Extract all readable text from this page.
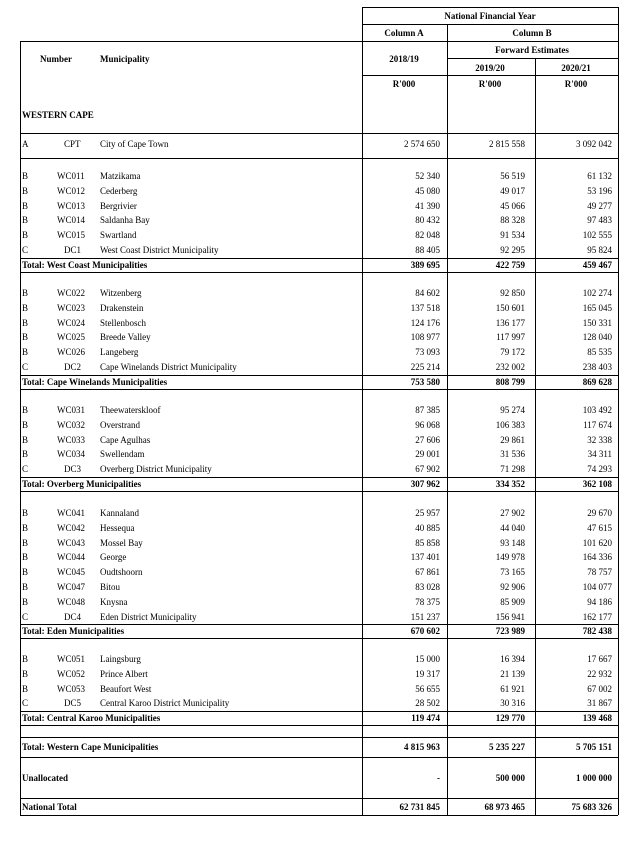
National Financial Year
Column A	Column B
Forward Estimates
Number	Municipality	2018/19
2019/20	2020/21
R'000	R'000	R'000
WESTERN CAPE
A	CPT City of Cape Town	2 574 650	2 815 558	3 092 042
B	WC011 Matzikama	52 340	56 519	61 132
B	WC012 Cederberg	45 080	49 017	53 196
B	WC013 Bergrivier	41 390	45 066	49 277
B	WC014 Saldanha Bay	80 432	88 328	97 483
B	WC015 Swartland	82 048	91 534	102 555
C	DC1 West Coast District Municipality	88 405	92 295	95 824
Total: West Coast Municipalities	389 695	422 759	459 467
B	WC022 Witzenberg	84 602	92 850	102 274
B	WC023 Drakenstein	137 518	150 601	165 045
B	WC024 Stellenbosch	124 176	136 177	150 331
B	WC025 Breede Valley	108 977	117 997	128 040
B	WC026 Langeberg	73 093	79 172	85 535
C	DC2 Cape Winelands District Municipality	225 214	232 002	238 403
Total: Cape Winelands Municipalities	753 580	808 799	869 628
B	WC031 Theewaterskloof	87 385	95 274	103 492
B	WC032 Overstrand	96 068	106 383	117 674
B	WC033 Cape Agulhas	27 606	29 861	32 338
B	WC034 Swellendam	29 001	31 536	34 311
C	DC3 Overberg District Municipality	67 902	71 298	74 293
Total: Overberg Municipalities	307 962	334 352	362 108
B	WC041 Kannaland	25 957	27 902	29 670
B	WC042 Hessequa	40 885	44 040	47 615
B	WC043 Mossel Bay	85 858	93 148	101 620
B	WC044 George	137 401	149 978	164 336
B	WC045 Oudtshoorn	67 861	73 165	78 757
B	WC047 Bitou	83 028	92 906	104 077
B	WC048 Knysna	78 375	85 909	94 186
C	DC4 Eden District Municipality	151 237	156 941	162 177
Total: Eden Municipalities	670 602	723 989	782 438
B	WC051 Laingsburg	15 000	16 394	17 667
B	WC052 Prince Albert	19 317	21 139	22 932
B	WC053 Beaufort West	56 655	61 921	67 002
C	DC5 Central Karoo District Municipality	28 502	30 316	31 867
Total: Central Karoo Municipalities	119 474	129 770	139 468
Total: Western Cape Municipalities	4 815 963	5 235 227	5 705 151
Unallocated	-	500 000	1 000 000
National Total	62 731 845	68 973 465	75 683 326
